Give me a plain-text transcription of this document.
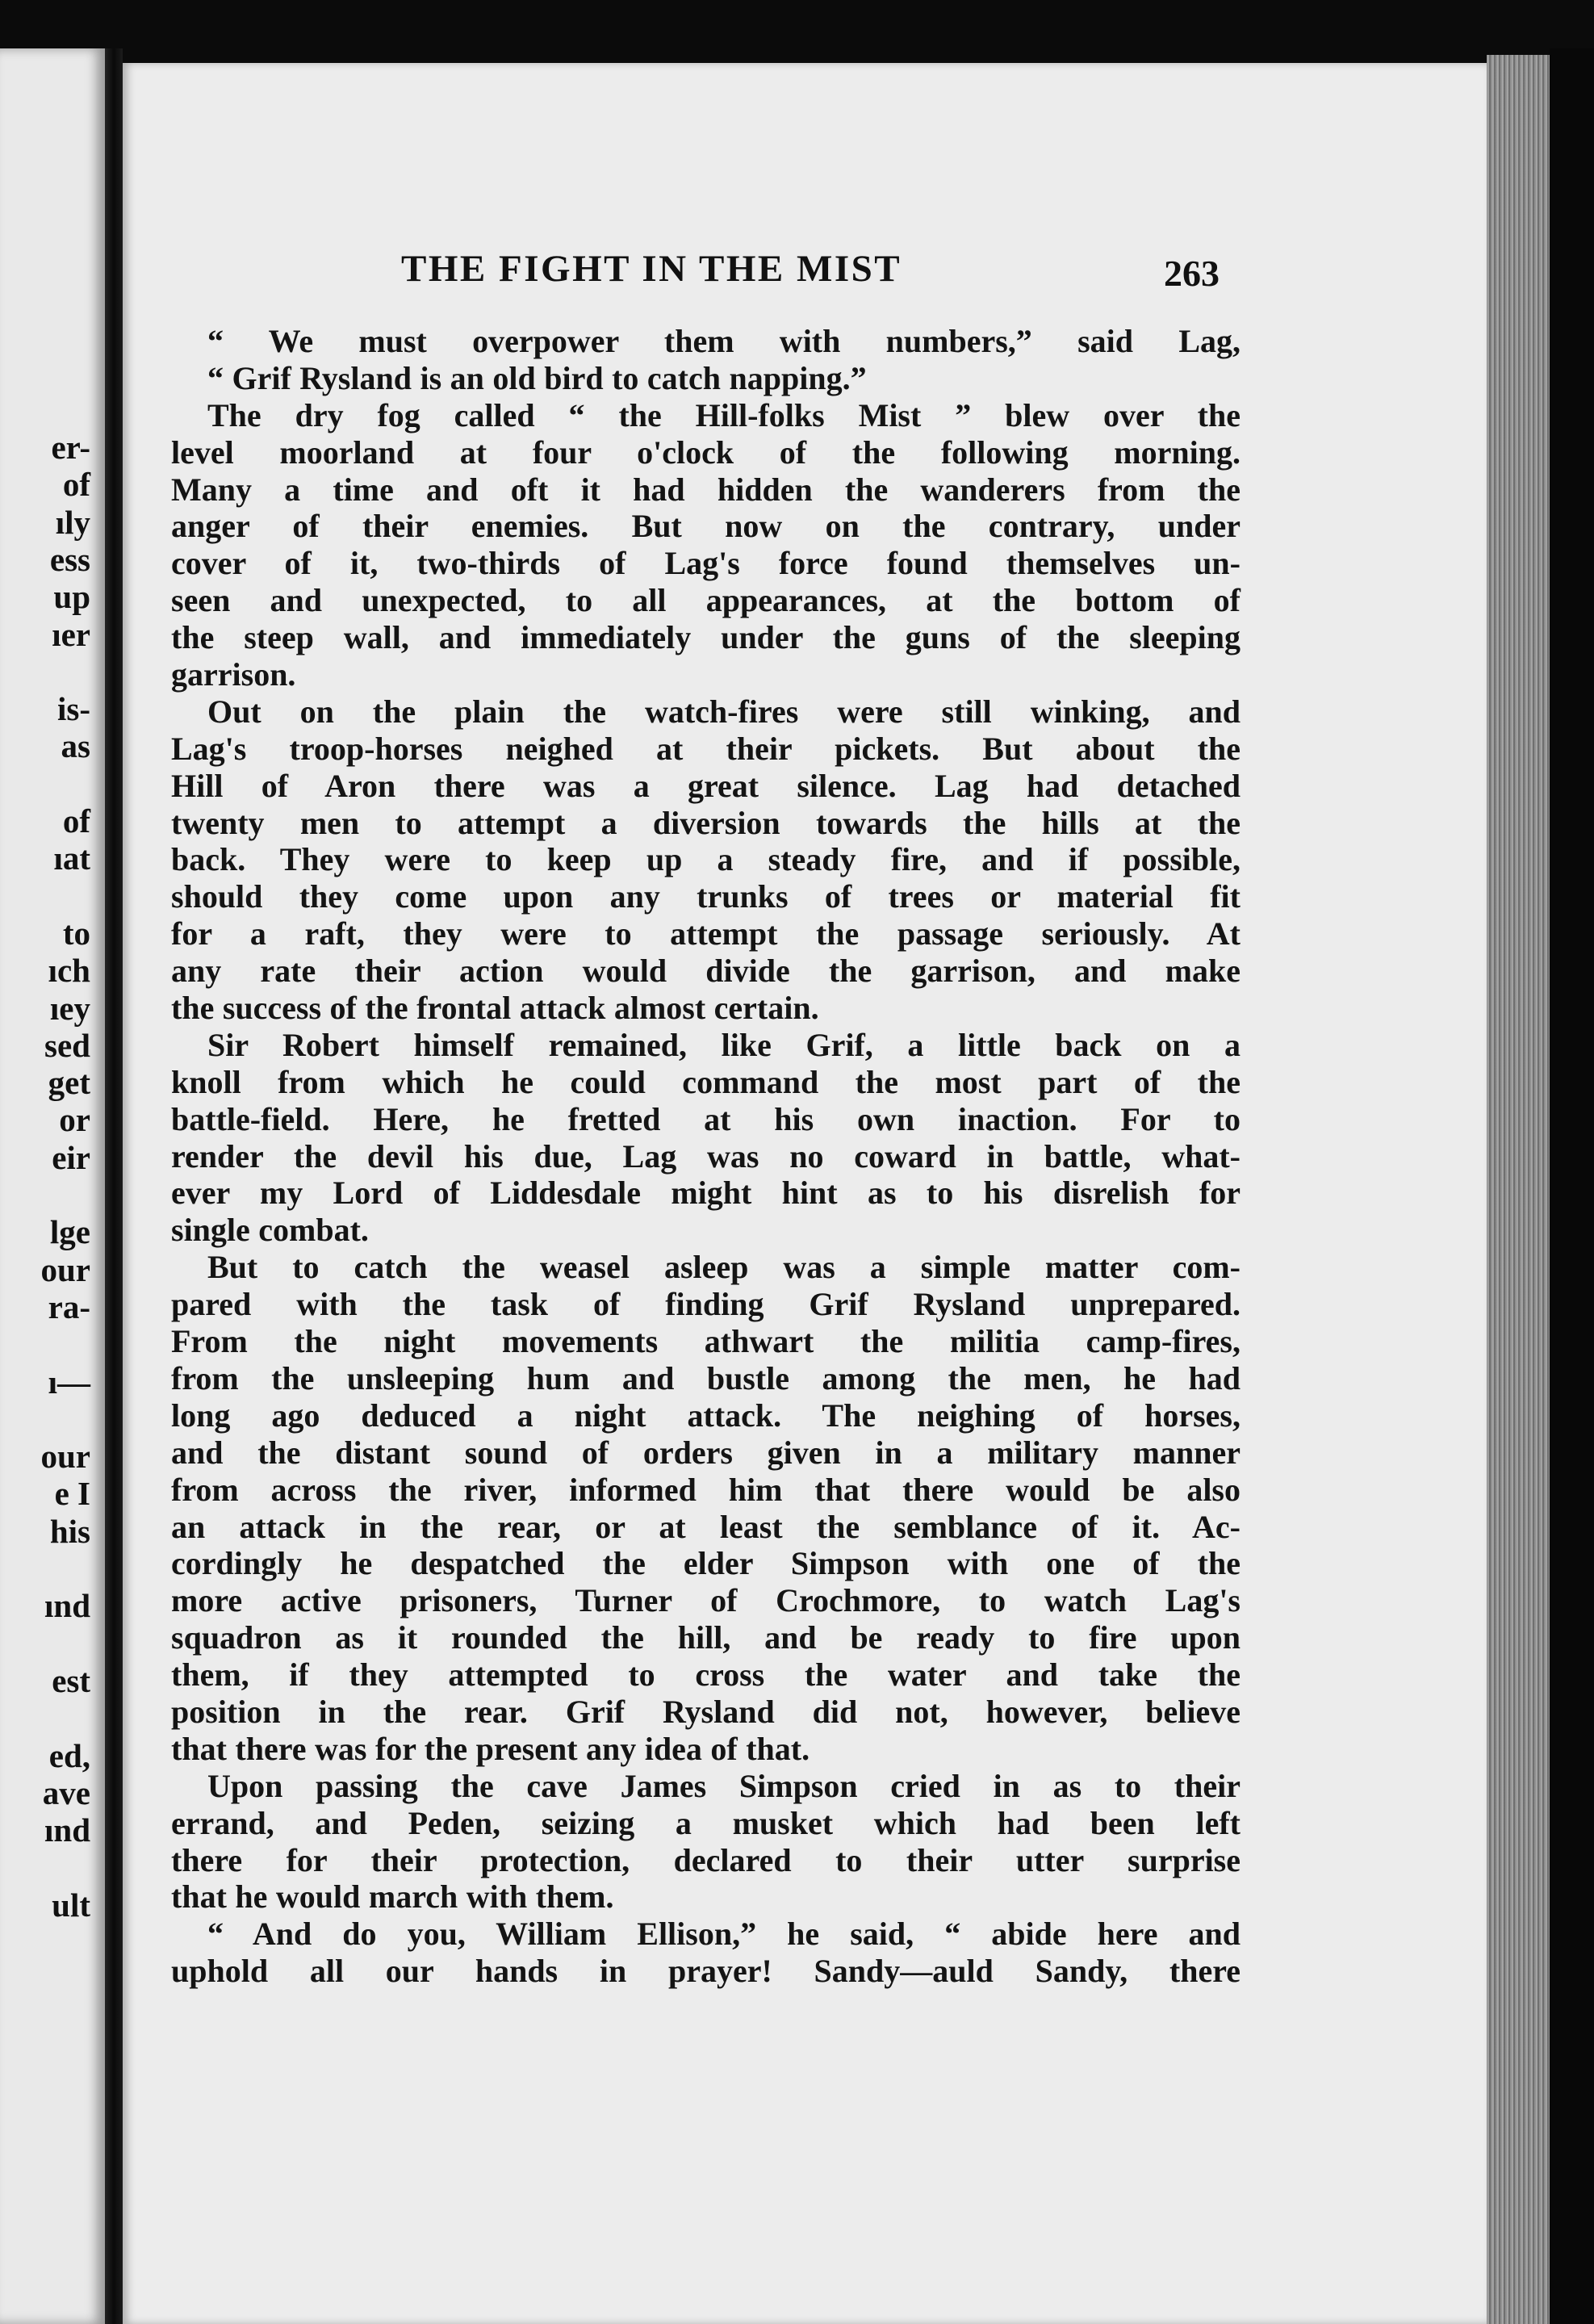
er-
of
ıly
ess
up
ıer
is-
as
of
ıat
to
ıch
ıey
sed
get
or
eir
lge
our
ra-
ı—
our
e I
his
ınd
est
ed,
ave
ınd
ult
THE FIGHT IN THE MIST	263
“ We must overpower them with numbers,” said Lag,
“ Grif Rysland is an old bird to catch napping.”
The dry fog called “ the Hill-folks Mist ” blew over the
level moorland at four o'clock of the following morning.
Many a time and oft it had hidden the wanderers from the
anger of their enemies. But now on the contrary, under
cover of it, two-thirds of Lag's force found themselves un-
seen and unexpected, to all appearances, at the bottom of
the steep wall, and immediately under the guns of the sleeping
garrison.
Out on the plain the watch-fires were still winking, and
Lag's troop-horses neighed at their pickets. But about the
Hill of Aron there was a great silence. Lag had detached
twenty men to attempt a diversion towards the hills at the
back. They were to keep up a steady fire, and if possible,
should they come upon any trunks of trees or material fit
for a raft, they were to attempt the passage seriously. At
any rate their action would divide the garrison, and make
the success of the frontal attack almost certain.
Sir Robert himself remained, like Grif, a little back on a
knoll from which he could command the most part of the
battle-field. Here, he fretted at his own inaction. For to
render the devil his due, Lag was no coward in battle, what-
ever my Lord of Liddesdale might hint as to his disrelish for
single combat.
But to catch the weasel asleep was a simple matter com-
pared with the task of finding Grif Rysland unprepared.
From the night movements athwart the militia camp-fires,
from the unsleeping hum and bustle among the men, he had
long ago deduced a night attack. The neighing of horses,
and the distant sound of orders given in a military manner
from across the river, informed him that there would be also
an attack in the rear, or at least the semblance of it. Ac-
cordingly he despatched the elder Simpson with one of the
more active prisoners, Turner of Crochmore, to watch Lag's
squadron as it rounded the hill, and be ready to fire upon
them, if they attempted to cross the water and take the
position in the rear. Grif Rysland did not, however, believe
that there was for the present any idea of that.
Upon passing the cave James Simpson cried in as to their
errand, and Peden, seizing a musket which had been left
there for their protection, declared to their utter surprise
that he would march with them.
“ And do you, William Ellison,” he said, “ abide here and
uphold all our hands in prayer! Sandy—auld Sandy, there
